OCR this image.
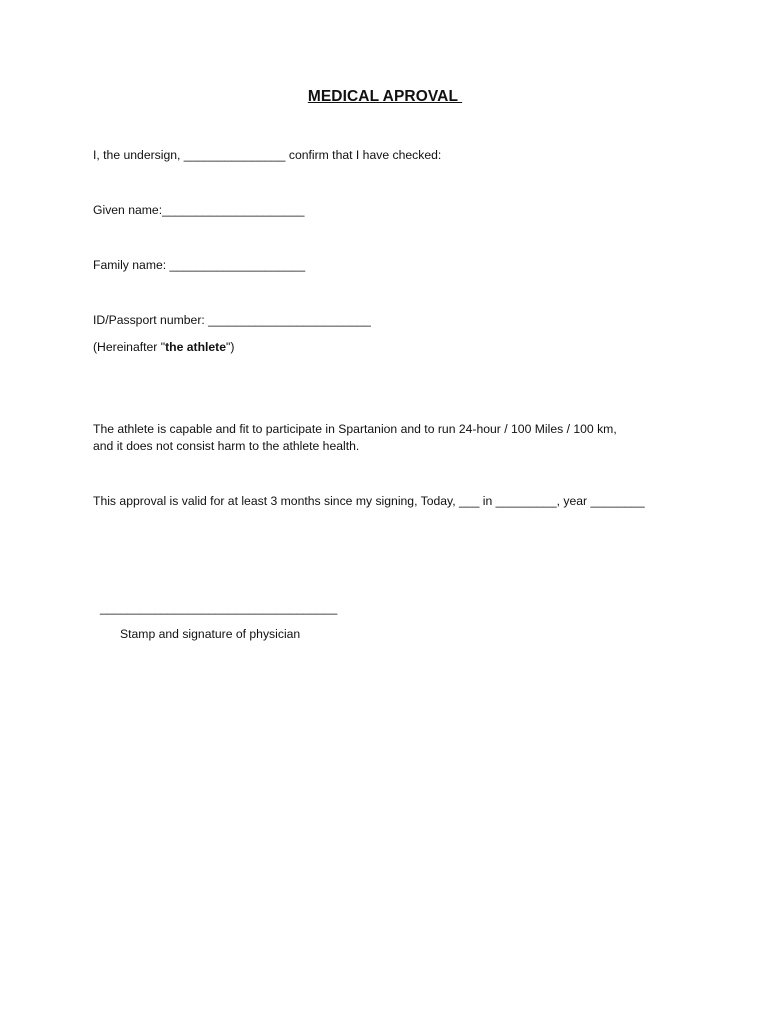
MEDICAL APROVAL
I, the undersign, _______________ confirm that I have checked:
Given name:_____________________
Family name: ____________________
ID/Passport number: ________________________
(Hereinafter "the athlete")
The athlete is capable and fit to participate in Spartanion and to run 24-hour / 100 Miles / 100 km,
and it does not consist harm to the athlete health.
This approval is valid for at least 3 months since my signing, Today, ___ in _________, year ________
___________________________________
Stamp and signature of physician
